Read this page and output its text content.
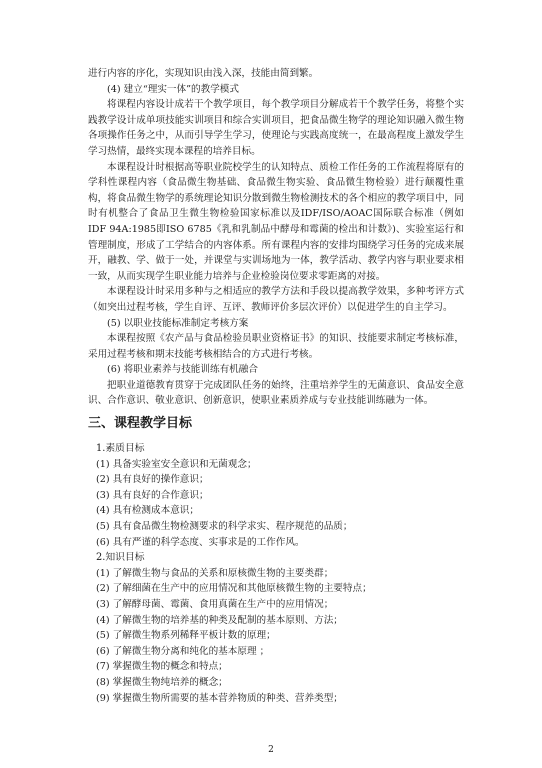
进行内容的序化，实现知识由浅入深，技能由简到繁。

(4) 建立“理实一体”的教学模式

将课程内容设计成若干个教学项目，每个教学项目分解成若干个教学任务，将整个实践教学设计成单项技能实训项目和综合实训项目，把食品微生物学的理论知识融入微生物各项操作任务之中，从而引导学生学习，使理论与实践高度统一，在最高程度上激发学生学习热情，最终实现本课程的培养目标。

本课程设计时根据高等职业院校学生的认知特点、质检工作任务的工作流程将原有的学科性课程内容（食品微生物基础、食品微生物实验、食品微生物检验）进行颠覆性重构，将食品微生物学的系统理论知识分散到微生物检测技术的各个相应的教学项目中，同时有机整合了食品卫生微生物检验国家标准以及IDF/ISO/AOAC国际联合标准（例如IDF 94A:1985即ISO 6785《乳和乳制品中酵母和霉菌的检出和计数》)、实验室运行和管理制度，形成了工学结合的内容体系。所有课程内容的安排均围绕学习任务的完成来展开，融教、学、做于一处，并课堂与实训场地为一体，教学活动、教学内容与职业要求相一致，从而实现学生职业能力培养与企业检验岗位要求零距离的对接。

本课程设计时采用多种与之相适应的教学方法和手段以提高教学效果，多种考评方式（如突出过程考核，学生自评、互评、教师评价多层次评价）以促进学生的自主学习。

(5) 以职业技能标准制定考核方案

本课程按照《农产品与食品检验员职业资格证书》的知识、技能要求制定考核标准，采用过程考核和期末技能考核相结合的方式进行考核。

(6) 将职业素养与技能训练有机融合

把职业道德教育贯穿于完成团队任务的始终，注重培养学生的无菌意识、食品安全意识、合作意识、敬业意识、创新意识，使职业素质养成与专业技能训练融为一体。

三、课程教学目标

1.素质目标

(1) 具备实验室安全意识和无菌观念；

(2) 具有良好的操作意识；

(3) 具有良好的合作意识；

(4) 具有检测成本意识；

(5) 具有食品微生物检测要求的科学求实、程序规范的品质；

(6) 具有严谨的科学态度、实事求是的工作作风。

2.知识目标

(1) 了解微生物与食品的关系和原核微生物的主要类群；

(2) 了解细菌在生产中的应用情况和其他原核微生物的主要特点；

(3) 了解酵母菌、霉菌、食用真菌在生产中的应用情况；

(4) 了解微生物的培养基的种类及配制的基本原则、方法；

(5) 了解微生物系列稀释平板计数的原理；

(6) 了解微生物分离和纯化的基本原理 ；

(7) 掌握微生物的概念和特点；

(8) 掌握微生物纯培养的概念；

(9) 掌握微生物所需要的基本营养物质的种类、营养类型；

2
